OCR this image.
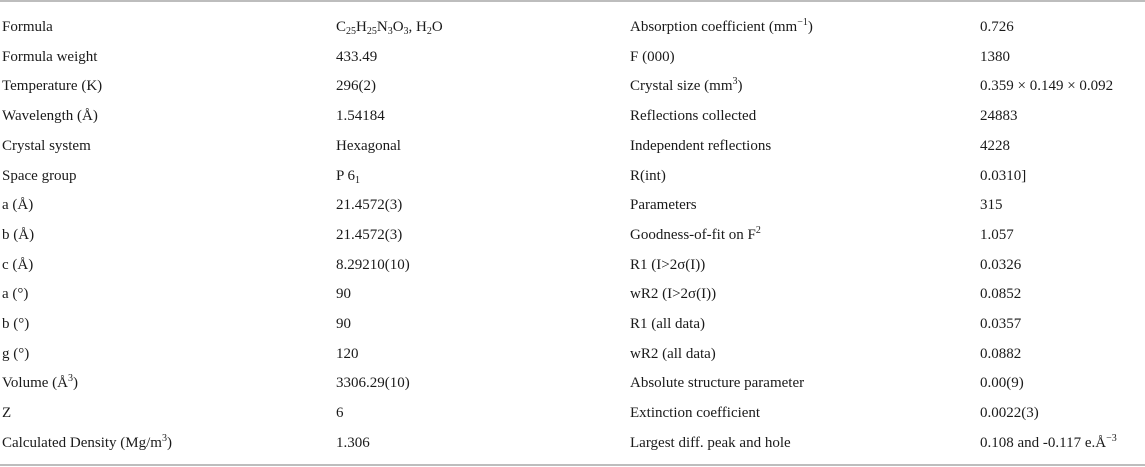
Formula	$C_{25}H_{25}N_3O_3$, $H_2O$	Absorption coefficient $(mm^{-1})$	0.726
Formula weight	433.49	F (000)	1380
Temperature (K)	296(2)	Crystal size $(mm^3)$	0.359 × 0.149 × 0.092
Wavelength (Å)	1.54184	Reflections collected	24883
Crystal system	Hexagonal	Independent reflections	4228
Space group	P $6_1$	R(int)	0.0310]
a (Å)	21.4572(3)	Parameters	315
b (Å)	21.4572(3)	Goodness-of-fit on $F^2$	1.057
c (Å)	8.29210(10)	R1 (I>2σ(I))	0.0326
a (°)	90	wR2 (I>2σ(I))	0.0852
b (°)	90	R1 (all data)	0.0357
g (°)	120	wR2 (all data)	0.0882
Volume $(Å^3)$	3306.29(10)	Absolute structure parameter	0.00(9)
Z	6	Extinction coefficient	0.0022(3)
Calculated Density $(Mg/m^3)$	1.306	Largest diff. peak and hole	0.108 and -0.117 $e.Å^{-3}$
